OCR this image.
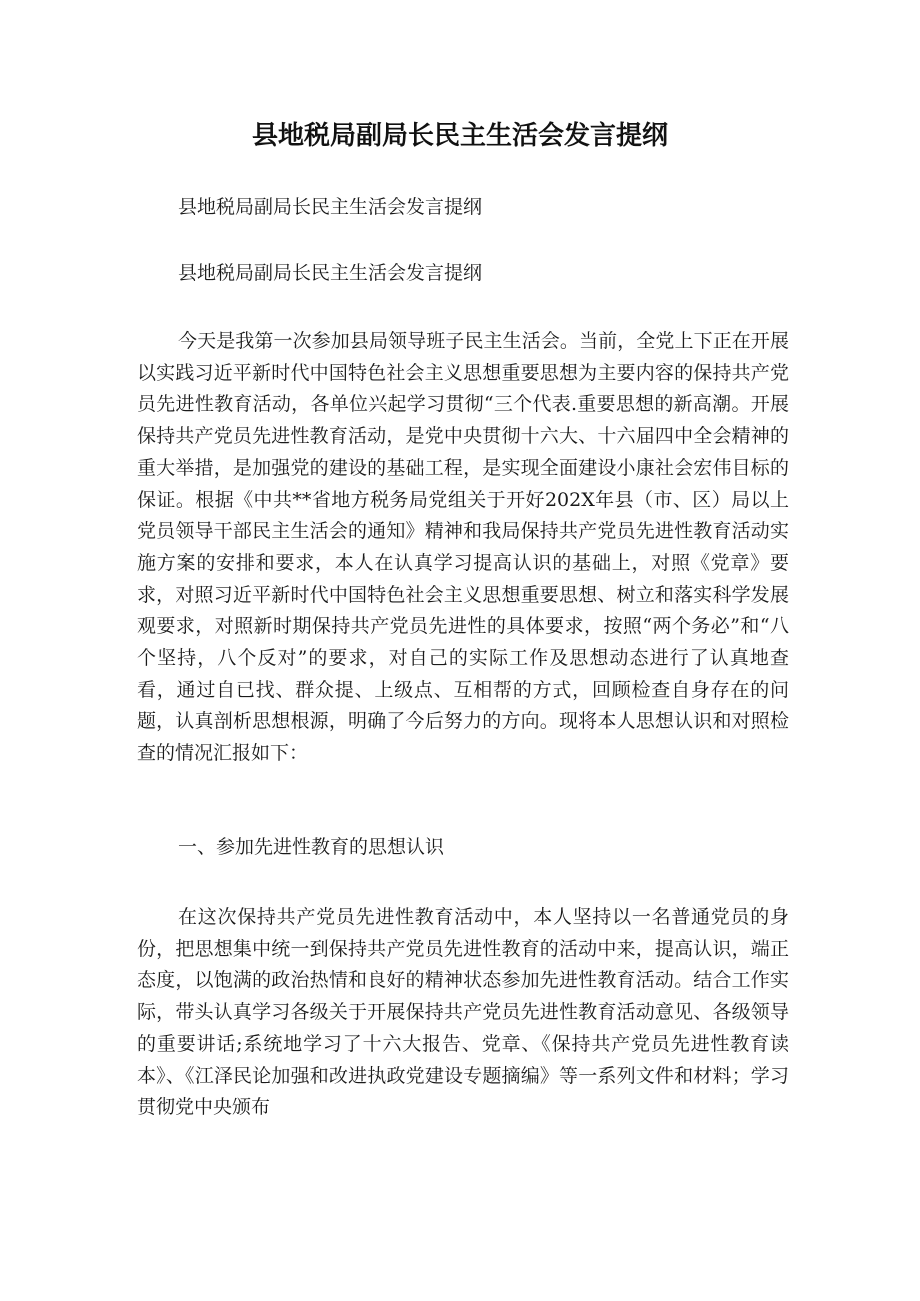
县地税局副局长民主生活会发言提纲
县地税局副局长民主生活会发言提纲
县地税局副局长民主生活会发言提纲

今天是我第一次参加县局领导班子民主生活会。当前，全党上下正在开展以实践习近平新时代中国特色社会主义思想重要思想为主要内容的保持共产党员先进性教育活动，各单位兴起学习贯彻“三个代表.重要思想的新高潮。开展保持共产党员先进性教育活动，是党中央贯彻十六大、十六届四中全会精神的重大举措，是加强党的建设的基础工程，是实现全面建设小康社会宏伟目标的保证。根据《中共**省地方税务局党组关于开好202X年县（市、区）局以上党员领导干部民主生活会的通知》精神和我局保持共产党员先进性教育活动实施方案的安排和要求，本人在认真学习提高认识的基础上，对照《党章》要求，对照习近平新时代中国特色社会主义思想重要思想、树立和落实科学发展观要求，对照新时期保持共产党员先进性的具体要求，按照“两个务必”和“八个坚持，八个反对”的要求，对自己的实际工作及思想动态进行了认真地查看，通过自已找、群众提、上级点、互相帮的方式，回顾检查自身存在的问题，认真剖析思想根源，明确了今后努力的方向。现将本人思想认识和对照检查的情况汇报如下：

一、参加先进性教育的思想认识

在这次保持共产党员先进性教育活动中，本人坚持以一名普通党员的身份，把思想集中统一到保持共产党员先进性教育的活动中来，提高认识，端正态度，以饱满的政治热情和良好的精神状态参加先进性教育活动。结合工作实际，带头认真学习各级关于开展保持共产党员先进性教育活动意见、各级领导的重要讲话;系统地学习了十六大报告、党章、《保持共产党员先进性教育读本》、《江泽民论加强和改进执政党建设专题摘编》等一系列文件和材料；学习贯彻党中央颁布
